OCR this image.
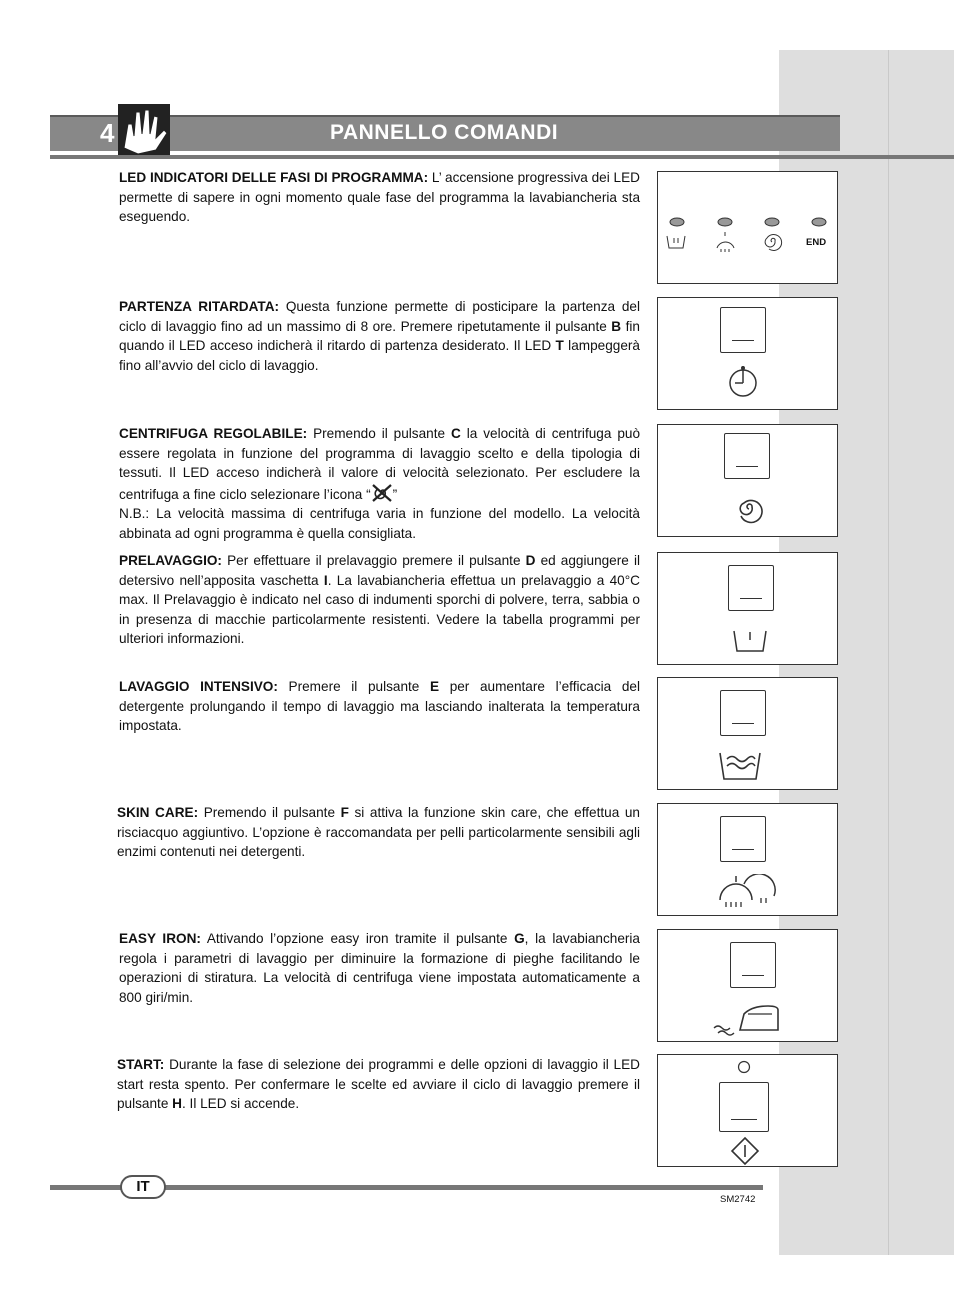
PANNELLO COMANDI
4
LED INDICATORI DELLE FASI DI PROGRAMMA: L’ accensione progressiva dei LED permette di sapere in ogni momento quale fase del programma la lavabiancheria sta eseguendo.
END
PARTENZA RITARDATA: Questa funzione permette di posticipare la partenza del ciclo di lavaggio fino ad un massimo di 8 ore. Premere ripetutamente il pulsante B fin quando il LED acceso indicherà il ritardo di partenza desiderato. Il LED T lampeggerà fino all’avvio del ciclo di lavaggio.
CENTRIFUGA REGOLABILE: Premendo il pulsante C la velocità di centrifuga può essere regolata in funzione del programma di lavaggio scelto e della tipologia di tessuti. Il LED acceso indicherà il valore di velocità selezionato. Per escludere la centrifuga a fine ciclo selezionare l’icona “ ”
N.B.: La velocità massima di centrifuga varia in funzione del modello. La velocità abbinata ad ogni programma è quella consigliata.
PRELAVAGGIO: Per effettuare il prelavaggio premere il pulsante D ed aggiungere il detersivo nell’apposita vaschetta I. La lavabiancheria effettua un prelavaggio a 40°C max. Il Prelavaggio è indicato nel caso di indumenti sporchi di polvere, terra, sabbia o in presenza di macchie particolarmente resistenti. Vedere la tabella programmi per ulteriori informazioni.
LAVAGGIO INTENSIVO: Premere il pulsante E per aumentare l’efficacia del detergente prolungando il tempo di lavaggio ma lasciando inalterata la temperatura impostata.
SKIN CARE: Premendo il pulsante F si attiva la funzione skin care, che effettua un risciacquo aggiuntivo. L’opzione è raccomandata per pelli particolarmente sensibili agli enzimi contenuti nei detergenti.
EASY IRON: Attivando l’opzione easy iron tramite il pulsante G, la lavabiancheria regola i parametri di lavaggio per diminuire la formazione di pieghe facilitando le operazioni di stiratura. La velocità di centrifuga viene impostata automaticamente a 800 giri/min.
START: Durante la fase di selezione dei programmi e delle opzioni di lavaggio il LED start resta spento. Per confermare le scelte ed avviare il ciclo di lavaggio premere il pulsante H. Il LED si accende.
IT
SM2742
